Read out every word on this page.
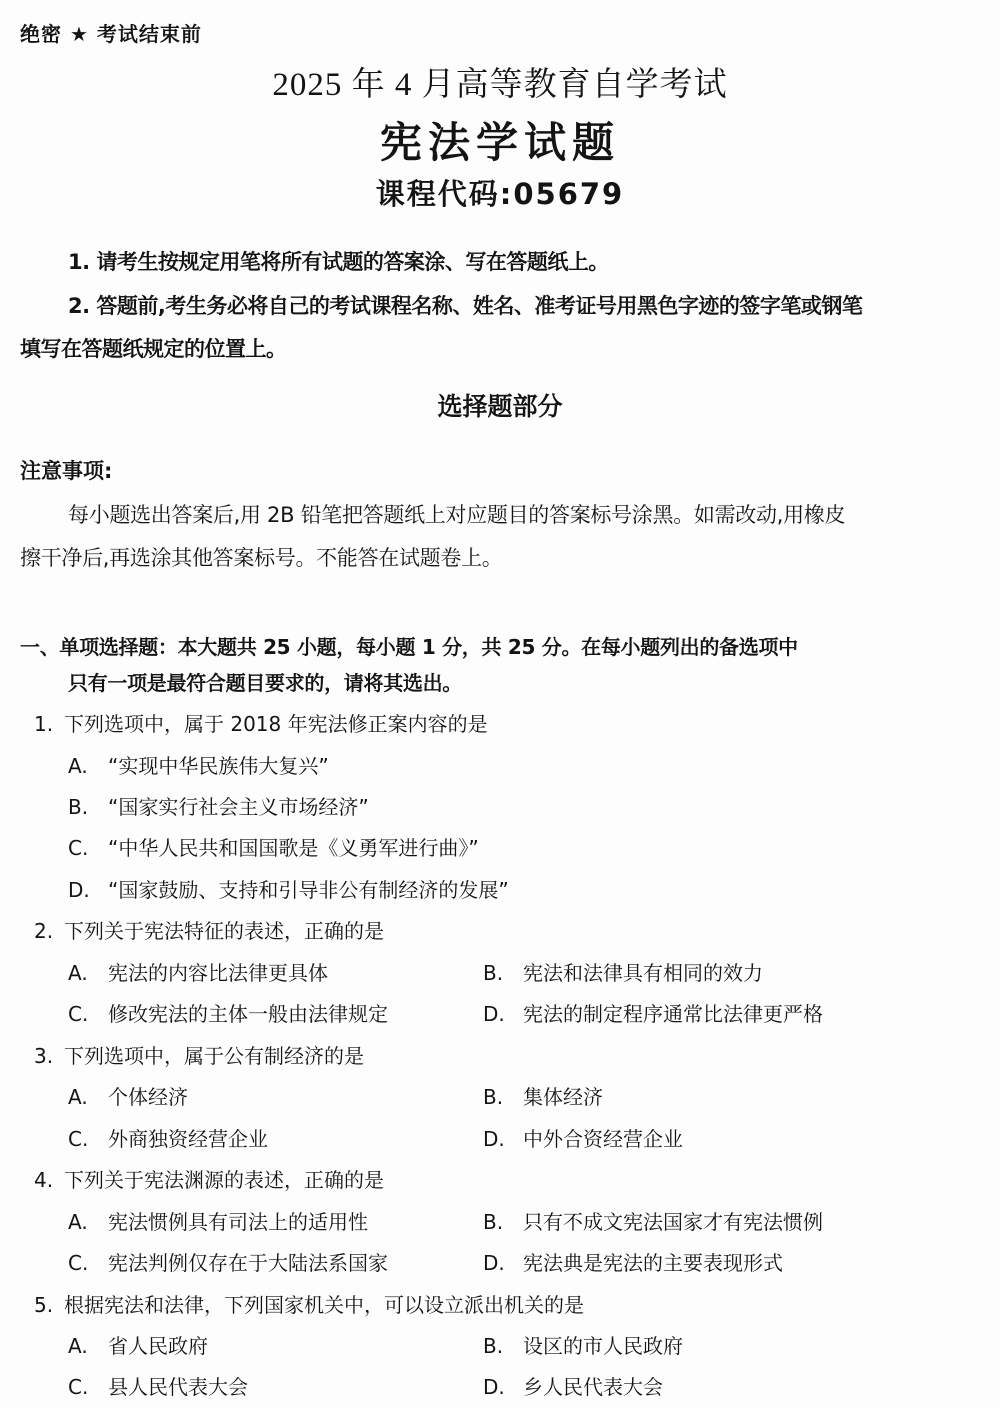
绝密 ★ 考试结束前
2025 年 4 月高等教育自学考试
宪法学试题
课程代码:05679
1. 请考生按规定用笔将所有试题的答案涂、写在答题纸上。
2. 答题前,考生务必将自己的考试课程名称、姓名、准考证号用黑色字迹的签字笔或钢笔
填写在答题纸规定的位置上。
选择题部分
注意事项:
每小题选出答案后,用 2B 铅笔把答题纸上对应题目的答案标号涂黑。如需改动,用橡皮
擦干净后,再选涂其他答案标号。不能答在试题卷上。
一、单项选择题：本大题共 25 小题，每小题 1 分，共 25 分。在每小题列出的备选项中
只有一项是最符合题目要求的，请将其选出。
1. 下列选项中，属于 2018 年宪法修正案内容的是
A. “实现中华民族伟大复兴”
B. “国家实行社会主义市场经济”
C. “中华人民共和国国歌是《义勇军进行曲》”
D. “国家鼓励、支持和引导非公有制经济的发展”
2. 下列关于宪法特征的表述，正确的是
A. 宪法的内容比法律更具体	B. 宪法和法律具有相同的效力
C. 修改宪法的主体一般由法律规定	D. 宪法的制定程序通常比法律更严格
3. 下列选项中，属于公有制经济的是
A. 个体经济	B. 集体经济
C. 外商独资经营企业	D. 中外合资经营企业
4. 下列关于宪法渊源的表述，正确的是
A. 宪法惯例具有司法上的适用性	B. 只有不成文宪法国家才有宪法惯例
C. 宪法判例仅存在于大陆法系国家	D. 宪法典是宪法的主要表现形式
5. 根据宪法和法律，下列国家机关中，可以设立派出机关的是
A. 省人民政府	B. 设区的市人民政府
C. 县人民代表大会	D. 乡人民代表大会
